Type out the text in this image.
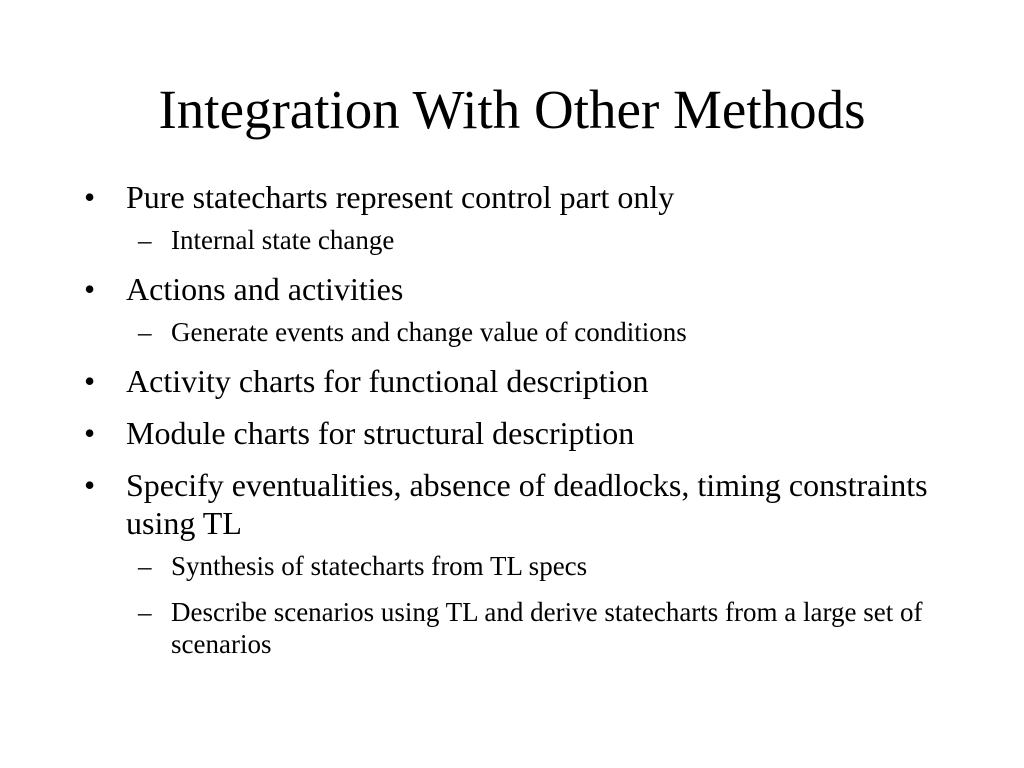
Integration With Other Methods
• Pure statecharts represent control part only
– Internal state change
• Actions and activities
– Generate events and change value of conditions
• Activity charts for functional description
• Module charts for structural description
• Specify eventualities, absence of deadlocks, timing constraints using TL
– Synthesis of statecharts from TL specs
– Describe scenarios using TL and derive statecharts from a large set of scenarios
